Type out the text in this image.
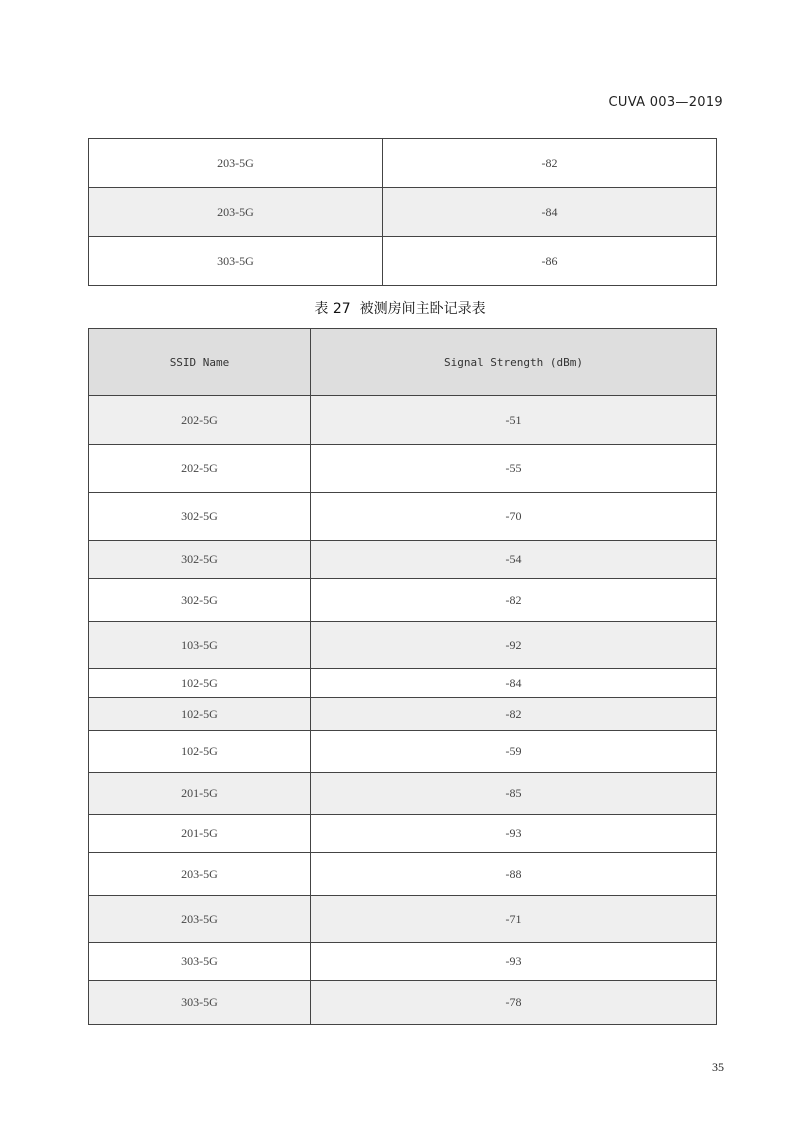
CUVA 003—2019
203-5G	-82
203-5G	-84
303-5G	-86
表 27  被测房间主卧记录表
SSID Name	Signal Strength (dBm)
202-5G	-51
202-5G	-55
302-5G	-70
302-5G	-54
302-5G	-82
103-5G	-92
102-5G	-84
102-5G	-82
102-5G	-59
201-5G	-85
201-5G	-93
203-5G	-88
203-5G	-71
303-5G	-93
303-5G	-78
35
